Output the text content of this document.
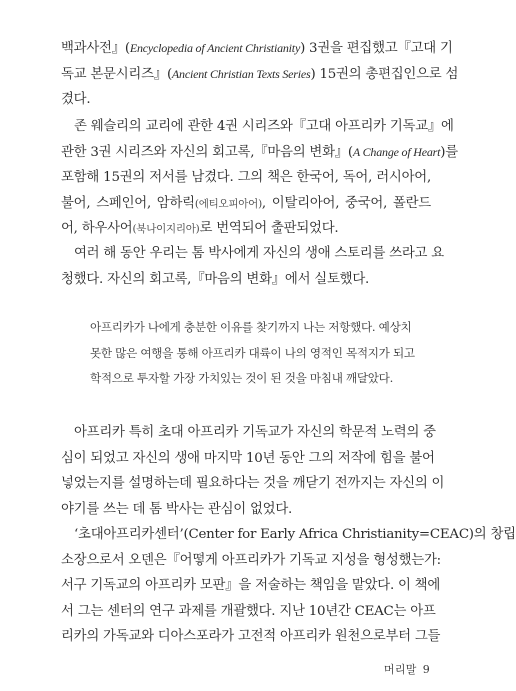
백과사전』(Encyclopedia of Ancient Christianity) 3권을 편집했고『고대 기
독교 본문시리즈』(Ancient Christian Texts Series) 15권의 총편집인으로 섬
겼다.
존 웨슬리의 교리에 관한 4권 시리즈와『고대 아프리카 기독교』에
관한 3권 시리즈와 자신의 회고록,『마음의 변화』(A Change of Heart)를
포함해 15권의 저서를 남겼다. 그의 책은 한국어, 독어, 러시아어,
불어, 스페인어, 암하릭(에티오피아어), 이탈리아어, 중국어, 폴란드
어, 하우사어(북나이지리아)로 번역되어 출판되었다.
여러 해 동안 우리는 톰 박사에게 자신의 생애 스토리를 쓰라고 요
청했다. 자신의 회고록,『마음의 변화』에서 실토했다.
아프리카가 나에게 충분한 이유를 찾기까지 나는 저항했다. 예상치
못한 많은 여행을 통해 아프리카 대륙이 나의 영적인 목적지가 되고
학적으로 투자할 가장 가치있는 것이 된 것을 마침내 깨달았다.
아프리카 특히 초대 아프리카 기독교가 자신의 학문적 노력의 중
심이 되었고 자신의 생애 마지막 10년 동안 그의 저작에 힘을 불어
넣었는지를 설명하는데 필요하다는 것을 깨닫기 전까지는 자신의 이
야기를 쓰는 데 톰 박사는 관심이 없었다.
‘초대아프리카센터’(Center for Early Africa Christianity=CEAC)의 창립
소장으로서 오덴은『어떻게 아프리카가 기독교 지성을 형성했는가:
서구 기독교의 아프리카 모판』을 저술하는 책임을 맡았다. 이 책에
서 그는 센터의 연구 과제를 개괄했다. 지난 10년간 CEAC는 아프
리카의 가독교와 디아스포라가 고전적 아프리카 원천으로부터 그들
머리말 9
